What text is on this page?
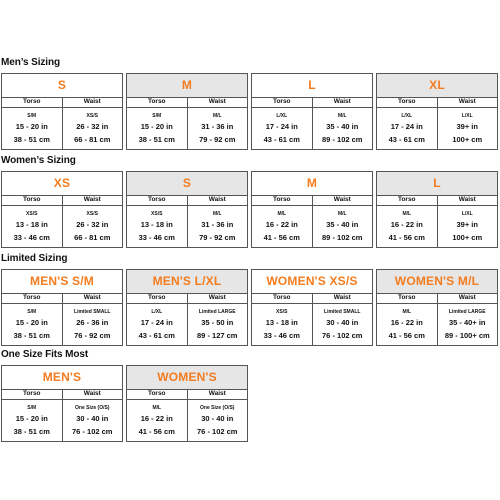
Men’s Sizing
S
Torso
S/M
15 - 20 in
38 - 51 cm
Waist
XS/S
26 - 32 in
66 - 81 cm
M
Torso
S/M
15 - 20 in
38 - 51 cm
Waist
M/L
31 - 36 in
79 - 92 cm
L
Torso
L/XL
17 - 24 in
43 - 61 cm
Waist
M/L
35 - 40 in
89 - 102 cm
XL
Torso
L/XL
17 - 24 in
43 - 61 cm
Waist
L/XL
39+ in
100+ cm
Women’s Sizing
XS
Torso
XS/S
13 - 18 in
33 - 46 cm
Waist
XS/S
26 - 32 in
66 - 81 cm
S
Torso
XS/S
13 - 18 in
33 - 46 cm
Waist
M/L
31 - 36 in
79 - 92 cm
M
Torso
M/L
16 - 22 in
41 - 56 cm
Waist
M/L
35 - 40 in
89 - 102 cm
L
Torso
M/L
16 - 22 in
41 - 56 cm
Waist
L/XL
39+ in
100+ cm
Limited Sizing
MEN'S S/M
Torso
S/M
15 - 20 in
38 - 51 cm
Waist
Limited SMALL
26 - 36 in
76 - 92 cm
MEN'S L/XL
Torso
L/XL
17 - 24 in
43 - 61 cm
Waist
Limited LARGE
35 - 50 in
89 - 127 cm
WOMEN'S XS/S
Torso
XS/S
13 - 18 in
33 - 46 cm
Waist
Limited SMALL
30 - 40 in
76 - 102 cm
WOMEN'S M/L
Torso
M/L
16 - 22 in
41 - 56 cm
Waist
Limited LARGE
35 - 40+ in
89 - 100+ cm
One Size Fits Most
MEN'S
Torso
S/M
15 - 20 in
38 - 51 cm
Waist
One Size (O/S)
30 - 40 in
76 - 102 cm
WOMEN'S
Torso
M/L
16 - 22 in
41 - 56 cm
Waist
One Size (O/S)
30 - 40 in
76 - 102 cm
